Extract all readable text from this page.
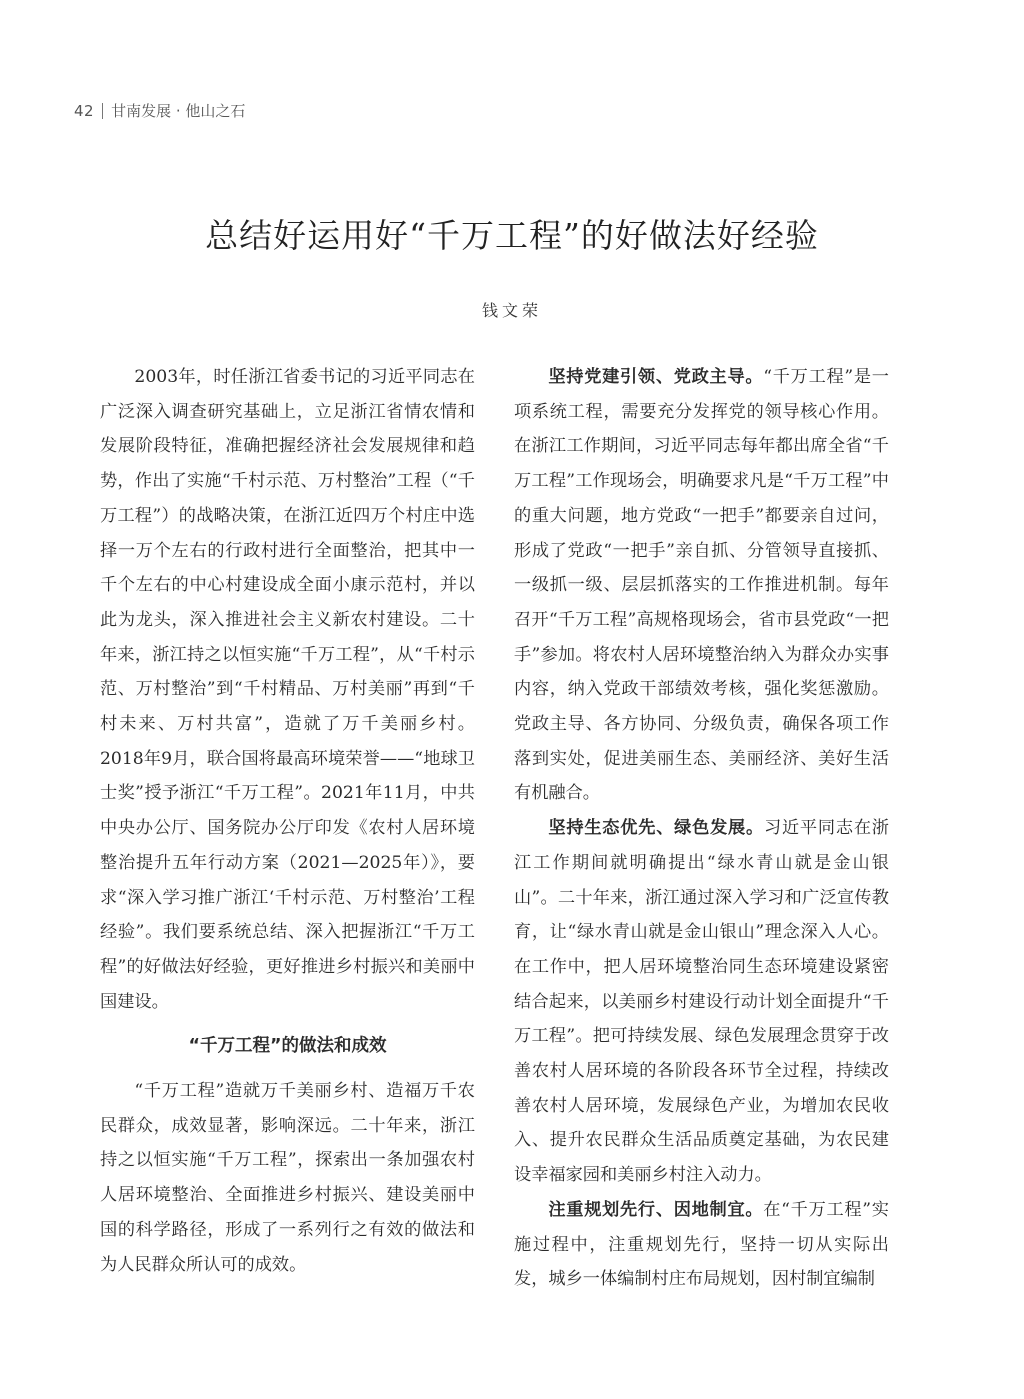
42 甘南发展 · 他山之石
总结好运用好“千万工程”的好做法好经验
钱文荣

2003年，时任浙江省委书记的习近平同志在广泛深入调查研究基础上，立足浙江省情农情和发展阶段特征，准确把握经济社会发展规律和趋势，作出了实施“千村示范、万村整治”工程（“千万工程”）的战略决策，在浙江近四万个村庄中选择一万个左右的行政村进行全面整治，把其中一千个左右的中心村建设成全面小康示范村，并以此为龙头，深入推进社会主义新农村建设。二十年来，浙江持之以恒实施“千万工程”，从“千村示范、万村整治”到“千村精品、万村美丽”再到“千村未来、万村共富”，造就了万千美丽乡村。2018年9月，联合国将最高环境荣誉——“地球卫士奖”授予浙江“千万工程”。2021年11月，中共中央办公厅、国务院办公厅印发《农村人居环境整治提升五年行动方案（2021—2025年）》，要求“深入学习推广浙江‘千村示范、万村整治’工程经验”。我们要系统总结、深入把握浙江“千万工程”的好做法好经验，更好推进乡村振兴和美丽中国建设。

“千万工程”的做法和成效

“千万工程”造就万千美丽乡村、造福万千农民群众，成效显著，影响深远。二十年来，浙江持之以恒实施“千万工程”，探索出一条加强农村人居环境整治、全面推进乡村振兴、建设美丽中国的科学路径，形成了一系列行之有效的做法和为人民群众所认可的成效。

坚持党建引领、党政主导。“千万工程”是一项系统工程，需要充分发挥党的领导核心作用。在浙江工作期间，习近平同志每年都出席全省“千万工程”工作现场会，明确要求凡是“千万工程”中的重大问题，地方党政“一把手”都要亲自过问，形成了党政“一把手”亲自抓、分管领导直接抓、一级抓一级、层层抓落实的工作推进机制。每年召开“千万工程”高规格现场会，省市县党政“一把手”参加。将农村人居环境整治纳入为群众办实事内容，纳入党政干部绩效考核，强化奖惩激励。党政主导、各方协同、分级负责，确保各项工作落到实处，促进美丽生态、美丽经济、美好生活有机融合。

坚持生态优先、绿色发展。习近平同志在浙江工作期间就明确提出“绿水青山就是金山银山”。二十年来，浙江通过深入学习和广泛宣传教育，让“绿水青山就是金山银山”理念深入人心。在工作中，把人居环境整治同生态环境建设紧密结合起来，以美丽乡村建设行动计划全面提升“千万工程”。把可持续发展、绿色发展理念贯穿于改善农村人居环境的各阶段各环节全过程，持续改善农村人居环境，发展绿色产业，为增加农民收入、提升农民群众生活品质奠定基础，为农民建设幸福家园和美丽乡村注入动力。

注重规划先行、因地制宜。在“千万工程”实施过程中，注重规划先行，坚持一切从实际出发，城乡一体编制村庄布局规划，因村制宜编制
